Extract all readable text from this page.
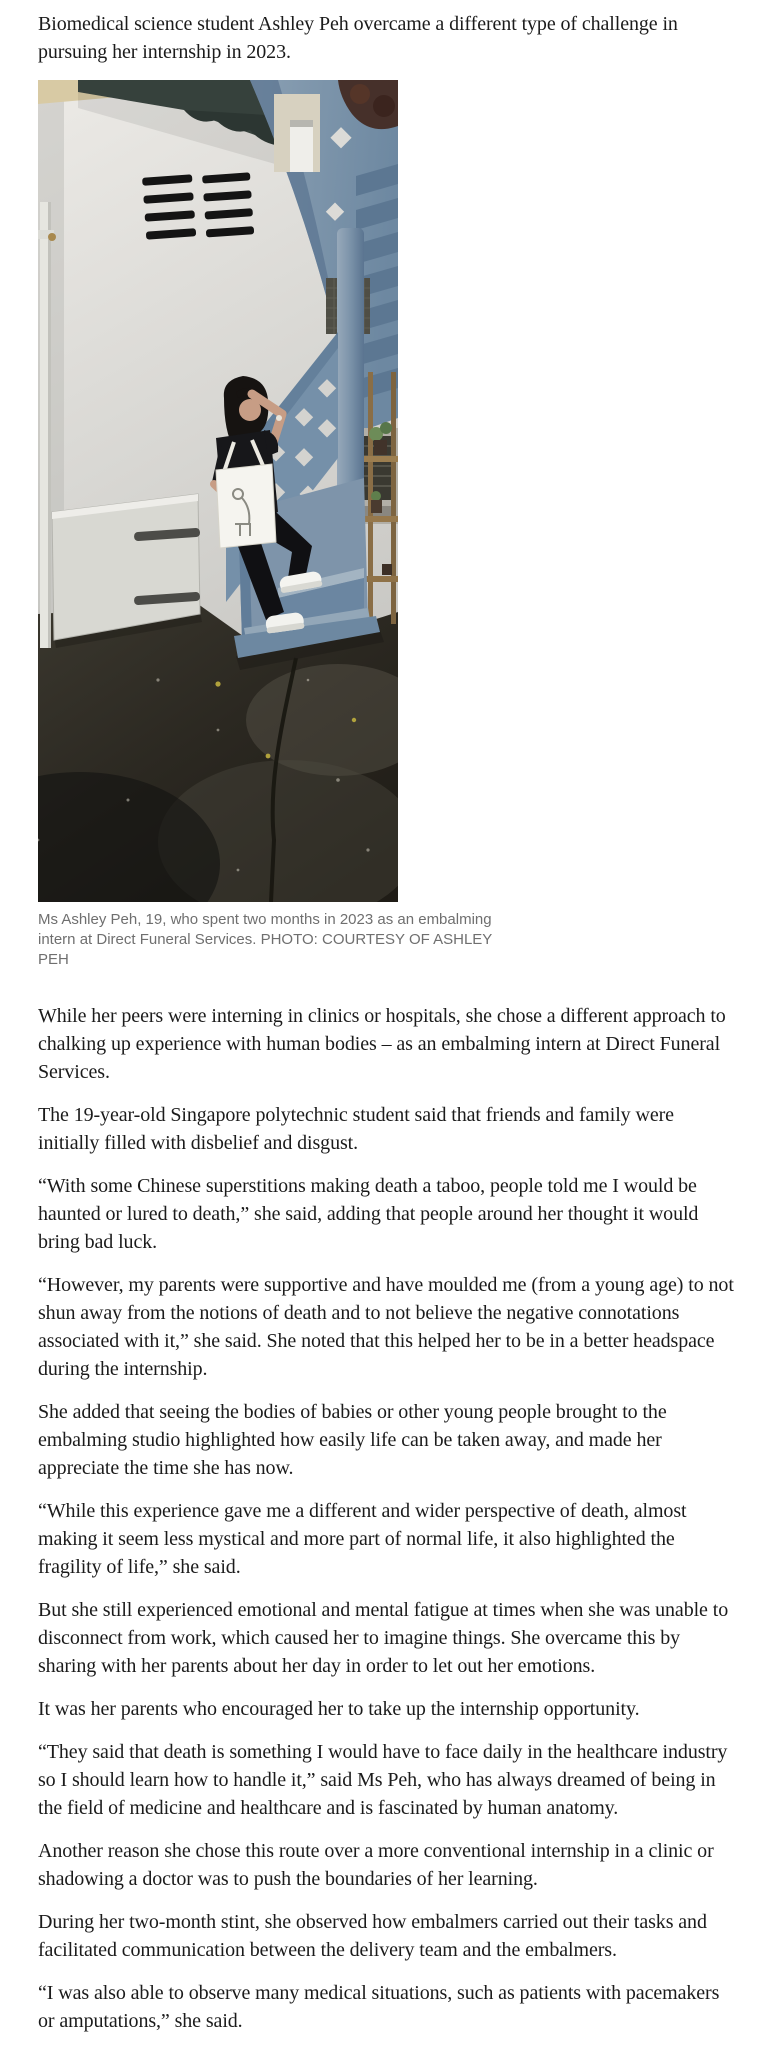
Biomedical science student Ashley Peh overcame a different type of challenge in pursuing her internship in 2023.

Ms Ashley Peh, 19, who spent two months in 2023 as an embalming intern at Direct Funeral Services. PHOTO: COURTESY OF ASHLEY PEH

While her peers were interning in clinics or hospitals, she chose a different approach to chalking up experience with human bodies – as an embalming intern at Direct Funeral Services.

The 19-year-old Singapore polytechnic student said that friends and family were initially filled with disbelief and disgust.

“With some Chinese superstitions making death a taboo, people told me I would be haunted or lured to death,” she said, adding that people around her thought it would bring bad luck.

“However, my parents were supportive and have moulded me (from a young age) to not shun away from the notions of death and to not believe the negative connotations associated with it,” she said. She noted that this helped her to be in a better headspace during the internship.

She added that seeing the bodies of babies or other young people brought to the embalming studio highlighted how easily life can be taken away, and made her appreciate the time she has now.

“While this experience gave me a different and wider perspective of death, almost making it seem less mystical and more part of normal life, it also highlighted the fragility of life,” she said.

But she still experienced emotional and mental fatigue at times when she was unable to disconnect from work, which caused her to imagine things. She overcame this by sharing with her parents about her day in order to let out her emotions.

It was her parents who encouraged her to take up the internship opportunity.

“They said that death is something I would have to face daily in the healthcare industry so I should learn how to handle it,” said Ms Peh, who has always dreamed of being in the field of medicine and healthcare and is fascinated by human anatomy.

Another reason she chose this route over a more conventional internship in a clinic or shadowing a doctor was to push the boundaries of her learning.

During her two-month stint, she observed how embalmers carried out their tasks and facilitated communication between the delivery team and the embalmers.

“I was also able to observe many medical situations, such as patients with pacemakers or amputations,” she said.
